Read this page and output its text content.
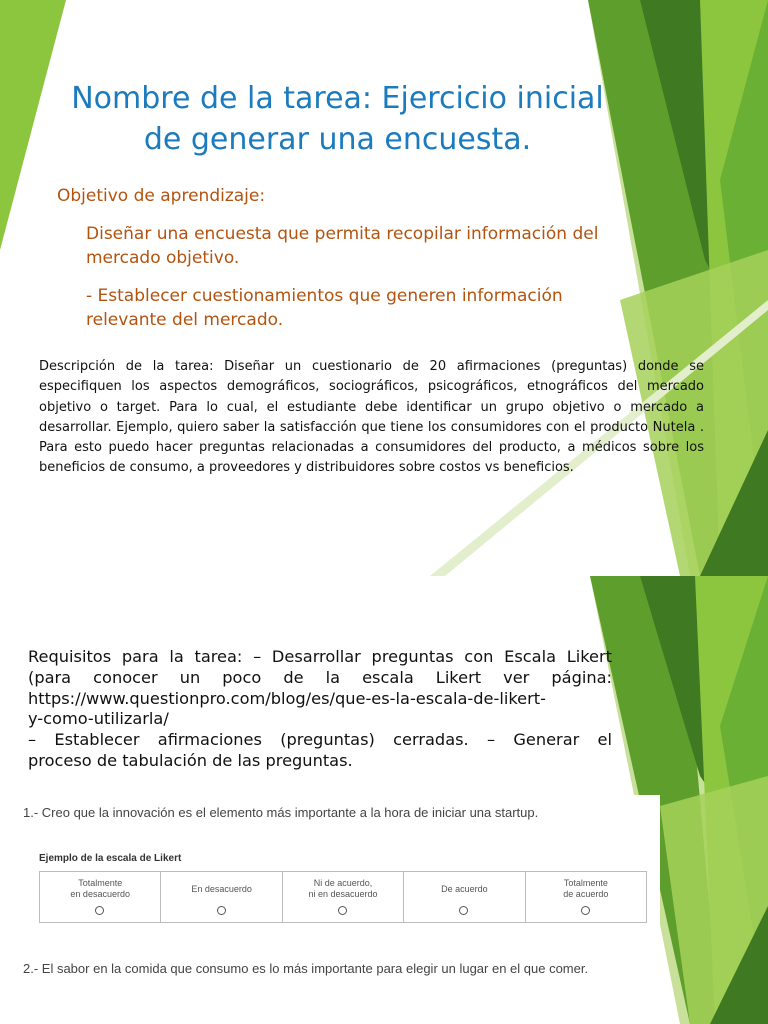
Nombre de la tarea: Ejercicio inicial de generar una encuesta.
Objetivo de aprendizaje:
Diseñar una encuesta que permita recopilar información del mercado objetivo.
- Establecer cuestionamientos que generen información relevante del mercado.

Descripción de la tarea: Diseñar un cuestionario de 20 afirmaciones (preguntas) donde se especifiquen los aspectos demográficos, sociográficos, psicográficos, etnográficos del mercado objetivo o target. Para lo cual, el estudiante debe identificar un grupo objetivo o mercado a desarrollar. Ejemplo, quiero saber la satisfacción que tiene los consumidores con el producto Nutela . Para esto puedo hacer preguntas relacionadas a consumidores del producto, a médicos sobre los beneficios de consumo, a proveedores y distribuidores sobre costos vs beneficios.

Requisitos para la tarea: – Desarrollar preguntas con Escala Likert
(para conocer un poco de la escala Likert ver página:
https://www.questionpro.com/blog/es/que-es-la-escala-de-likert-
y-como-utilizarla/
– Establecer afirmaciones (preguntas) cerradas. – Generar el
proceso de tabulación de las preguntas.

1.- Creo que la innovación es el elemento más importante a la hora de iniciar una startup.
Ejemplo de la escala de Likert
Totalmente
en desacuerdo	En desacuerdo
Ni de acuerdo,
ni en desacuerdo	De acuerdo
Totalmente
de acuerdo
2.- El sabor en la comida que consumo es lo más importante para elegir un lugar en el que comer.
